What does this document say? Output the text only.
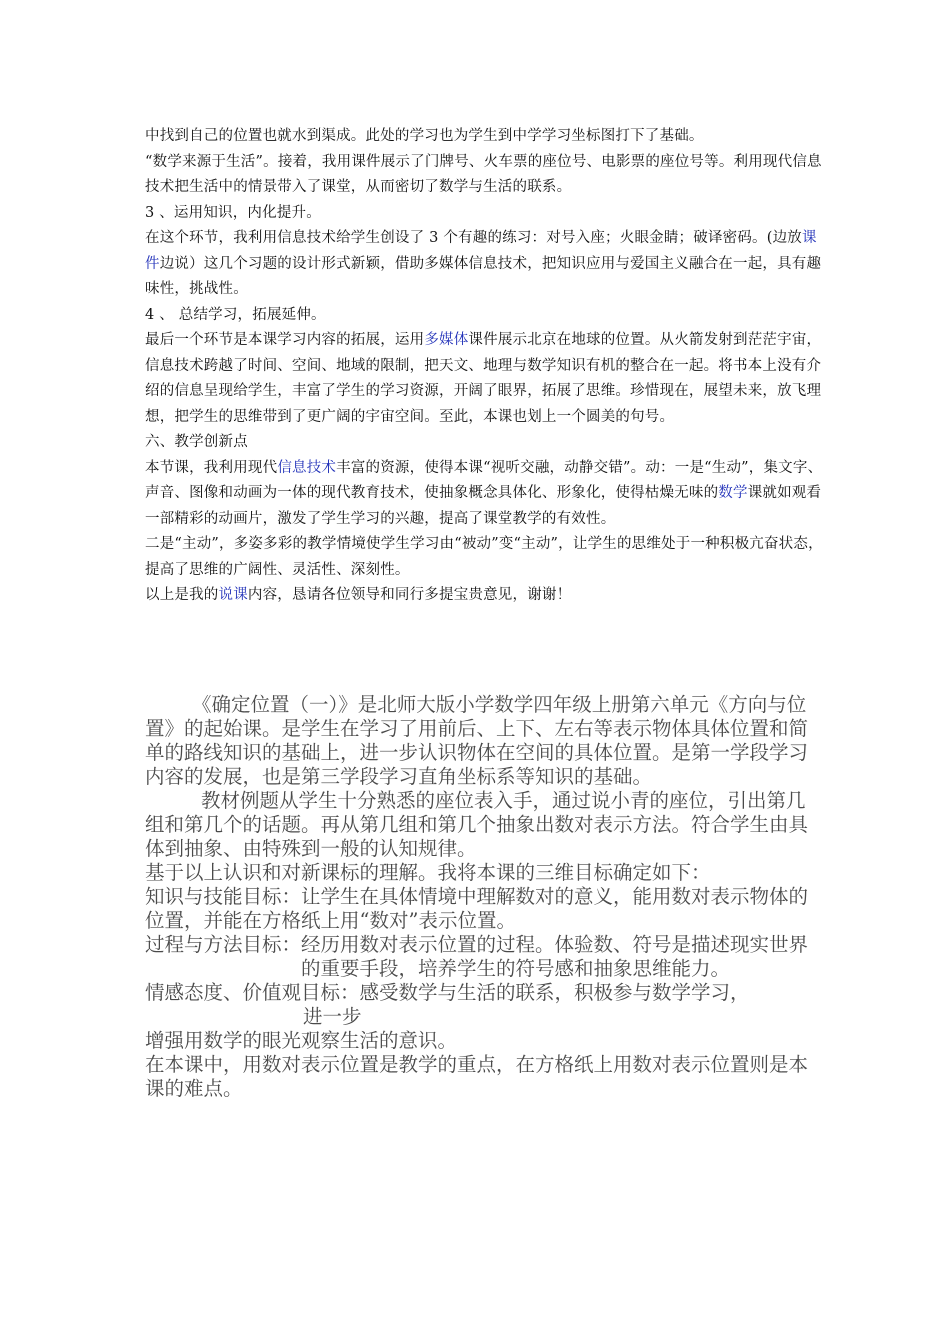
中找到自己的位置也就水到渠成。此处的学习也为学生到中学学习坐标图打下了基础。

“数学来源于生活”。接着，我用课件展示了门牌号、火车票的座位号、电影票的座位号等。利用现代信息技术把生活中的情景带入了课堂，从而密切了数学与生活的联系。

3 、运用知识，内化提升。

在这个环节，我利用信息技术给学生创设了 3 个有趣的练习：对号入座；火眼金睛；破译密码。(边放课件边说）这几个习题的设计形式新颖，借助多媒体信息技术，把知识应用与爱国主义融合在一起，具有趣味性，挑战性。

4 、 总结学习，拓展延伸。

最后一个环节是本课学习内容的拓展，运用多媒体课件展示北京在地球的位置。从火箭发射到茫茫宇宙，信息技术跨越了时间、空间、地域的限制，把天文、地理与数学知识有机的整合在一起。将书本上没有介绍的信息呈现给学生，丰富了学生的学习资源，开阔了眼界，拓展了思维。珍惜现在，展望未来，放飞理想，把学生的思维带到了更广阔的宇宙空间。至此，本课也划上一个圆美的句号。

六、教学创新点

本节课，我利用现代信息技术丰富的资源，使得本课“视听交融，动静交错”。动：一是“生动”，集文字、声音、图像和动画为一体的现代教育技术，使抽象概念具体化、形象化，使得枯燥无味的数学课就如观看一部精彩的动画片，激发了学生学习的兴趣，提高了课堂教学的有效性。

二是“主动”，多姿多彩的教学情境使学生学习由“被动”变“主动”，让学生的思维处于一种积极亢奋状态，提高了思维的广阔性、灵活性、深刻性。

以上是我的说课内容，恳请各位领导和同行多提宝贵意见，谢谢！

《确定位置（一）》是北师大版小学数学四年级上册第六单元《方向与位置》的起始课。是学生在学习了用前后、上下、左右等表示物体具体位置和简单的路线知识的基础上，进一步认识物体在空间的具体位置。是第一学段学习内容的发展，也是第三学段学习直角坐标系等知识的基础。

教材例题从学生十分熟悉的座位表入手，通过说小青的座位，引出第几组和第几个的话题。再从第几组和第几个抽象出数对表示方法。符合学生由具体到抽象、由特殊到一般的认知规律。

基于以上认识和对新课标的理解。我将本课的三维目标确定如下：

知识与技能目标：让学生在具体情境中理解数对的意义，能用数对表示物体的位置，并能在方格纸上用“数对”表示位置。

过程与方法目标： 经历用数对表示位置的过程。体验数、符号是描述现实世界的重要手段，培养学生的符号感和抽象思维能力。

情感态度、价值观目标：感受数学与生活的联系，积极参与数学学习，

进一步

增强用数学的眼光观察生活的意识。

在本课中，用数对表示位置是教学的重点，在方格纸上用数对表示位置则是本课的难点。
